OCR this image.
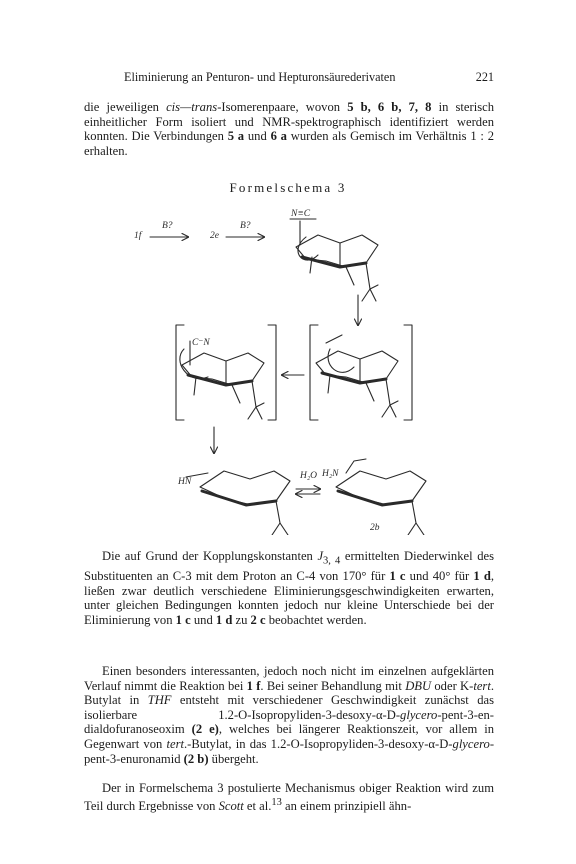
Eliminierung an Penturon- und Hepturonsäurederivaten	221
die jeweiligen cis—trans-Isomerenpaare, wovon 5 b, 6 b, 7, 8 in sterisch einheitlicher Form isoliert und NMR-spektrographisch identifiziert werden konnten. Die Verbindungen 5 a und 6 a wurden als Gemisch im Verhältnis 1 : 2 erhalten.
Formelschema 3
1f
B?
2e
B?
N≡C
C⁻N
HN
H₂O H₂N
2b
Die auf Grund der Kopplungskonstanten $J_{3, 4}$ ermittelten Diederwinkel des Substituenten an C-3 mit dem Proton an C-4 von 170° für 1 c und 40° für 1 d, ließen zwar deutlich verschiedene Eliminierungsgeschwindigkeiten erwarten, unter gleichen Bedingungen konnten jedoch nur kleine Unterschiede bei der Eliminierung von 1 c und 1 d zu 2 c beobachtet werden.
Einen besonders interessanten, jedoch noch nicht im einzelnen aufgeklärten Verlauf nimmt die Reaktion bei 1 f. Bei seiner Behandlung mit DBU oder K-tert. Butylat in THF entsteht mit verschiedener Geschwindigkeit zunächst das isolierbare 1.2-O-Isopropyliden-3-desoxy-α-D-glycero-pent-3-en-dialdofuranoseoxim (2 e), welches bei längerer Reaktionszeit, vor allem in Gegenwart von tert.-Butylat, in das 1.2-O-Isopropyliden-3-desoxy-α-D-glycero-pent-3-enuronamid (2 b) übergeht.
Der in Formelschema 3 postulierte Mechanismus obiger Reaktion wird zum Teil durch Ergebnisse von Scott et al.$^{13}$ an einem prinzipiell ähn-
